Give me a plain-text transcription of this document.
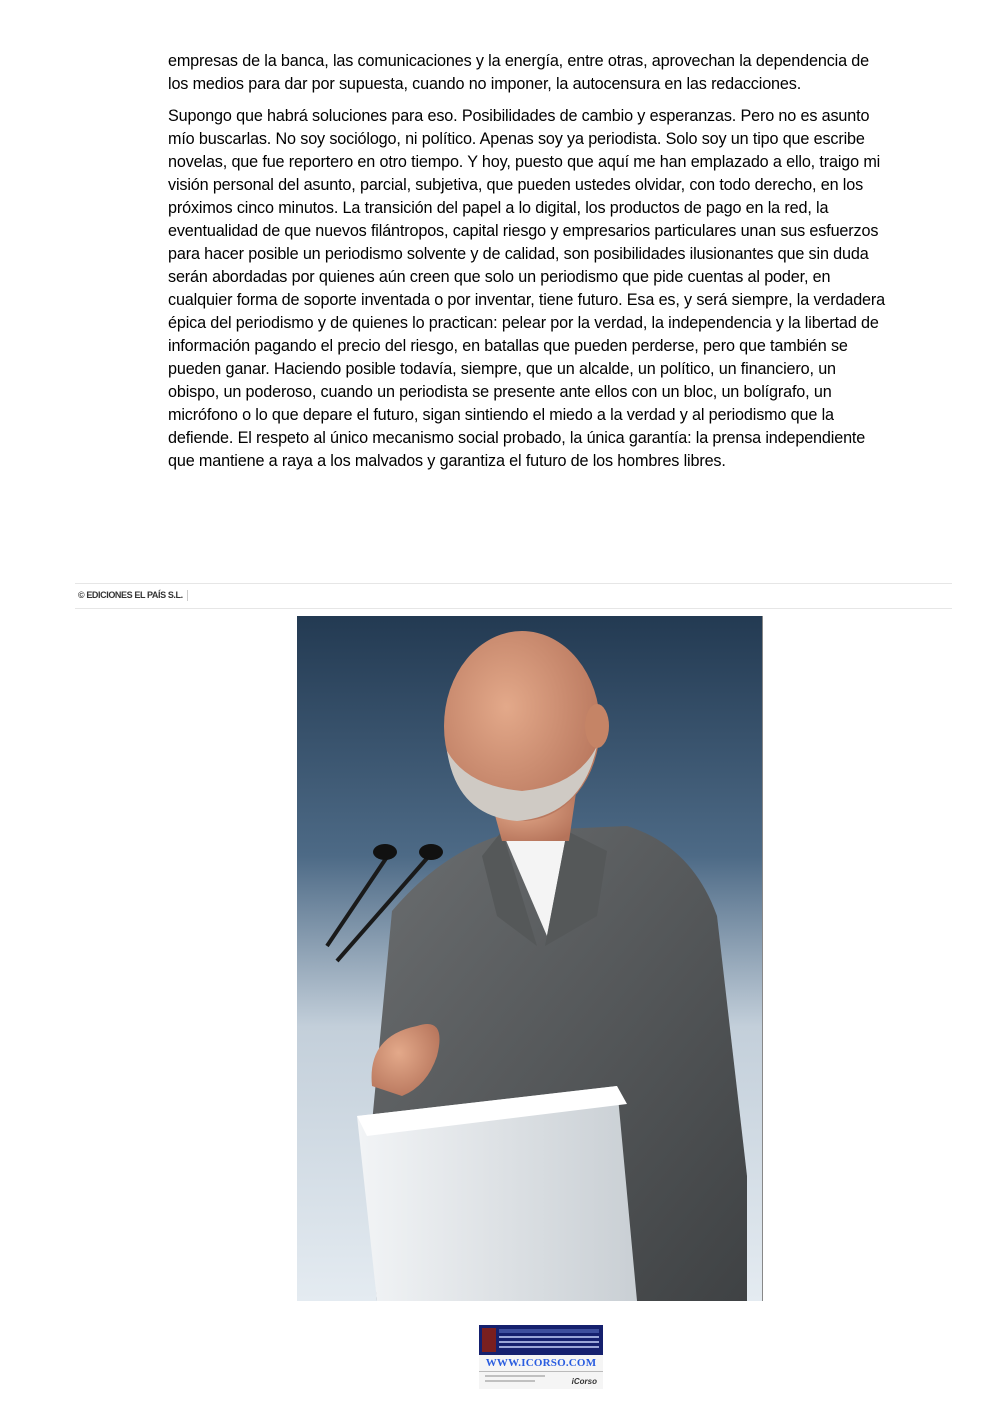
empresas de la banca, las comunicaciones y la energía, entre otras, aprovechan la dependencia de los medios para dar por supuesta, cuando no imponer, la autocensura en las redacciones.

Supongo que habrá soluciones para eso. Posibilidades de cambio y esperanzas. Pero no es asunto mío buscarlas. No soy sociólogo, ni político. Apenas soy ya periodista. Solo soy un tipo que escribe novelas, que fue reportero en otro tiempo. Y hoy, puesto que aquí me han emplazado a ello, traigo mi visión personal del asunto, parcial, subjetiva, que pueden ustedes olvidar, con todo derecho, en los próximos cinco minutos. La transición del papel a lo digital, los productos de pago en la red, la eventualidad de que nuevos filántropos, capital riesgo y empresarios particulares unan sus esfuerzos para hacer posible un periodismo solvente y de calidad, son posibilidades ilusionantes que sin duda serán abordadas por quienes aún creen que solo un periodismo que pide cuentas al poder, en cualquier forma de soporte inventada o por inventar, tiene futuro. Esa es, y será siempre, la verdadera épica del periodismo y de quienes lo practican: pelear por la verdad, la independencia y la libertad de información pagando el precio del riesgo, en batallas que pueden perderse, pero que también se pueden ganar. Haciendo posible todavía, siempre, que un alcalde, un político, un financiero, un obispo, un poderoso, cuando un periodista se presente ante ellos con un bloc, un bolígrafo, un micrófono o lo que depare el futuro, sigan sintiendo el miedo a la verdad y al periodismo que la defiende. El respeto al único mecanismo social probado, la única garantía: la prensa independiente que mantiene a raya a los malvados y garantiza el futuro de los hombres libres.

© EDICIONES EL PAÍS S.L.
WWW.ICORSO.COM
iCorso
